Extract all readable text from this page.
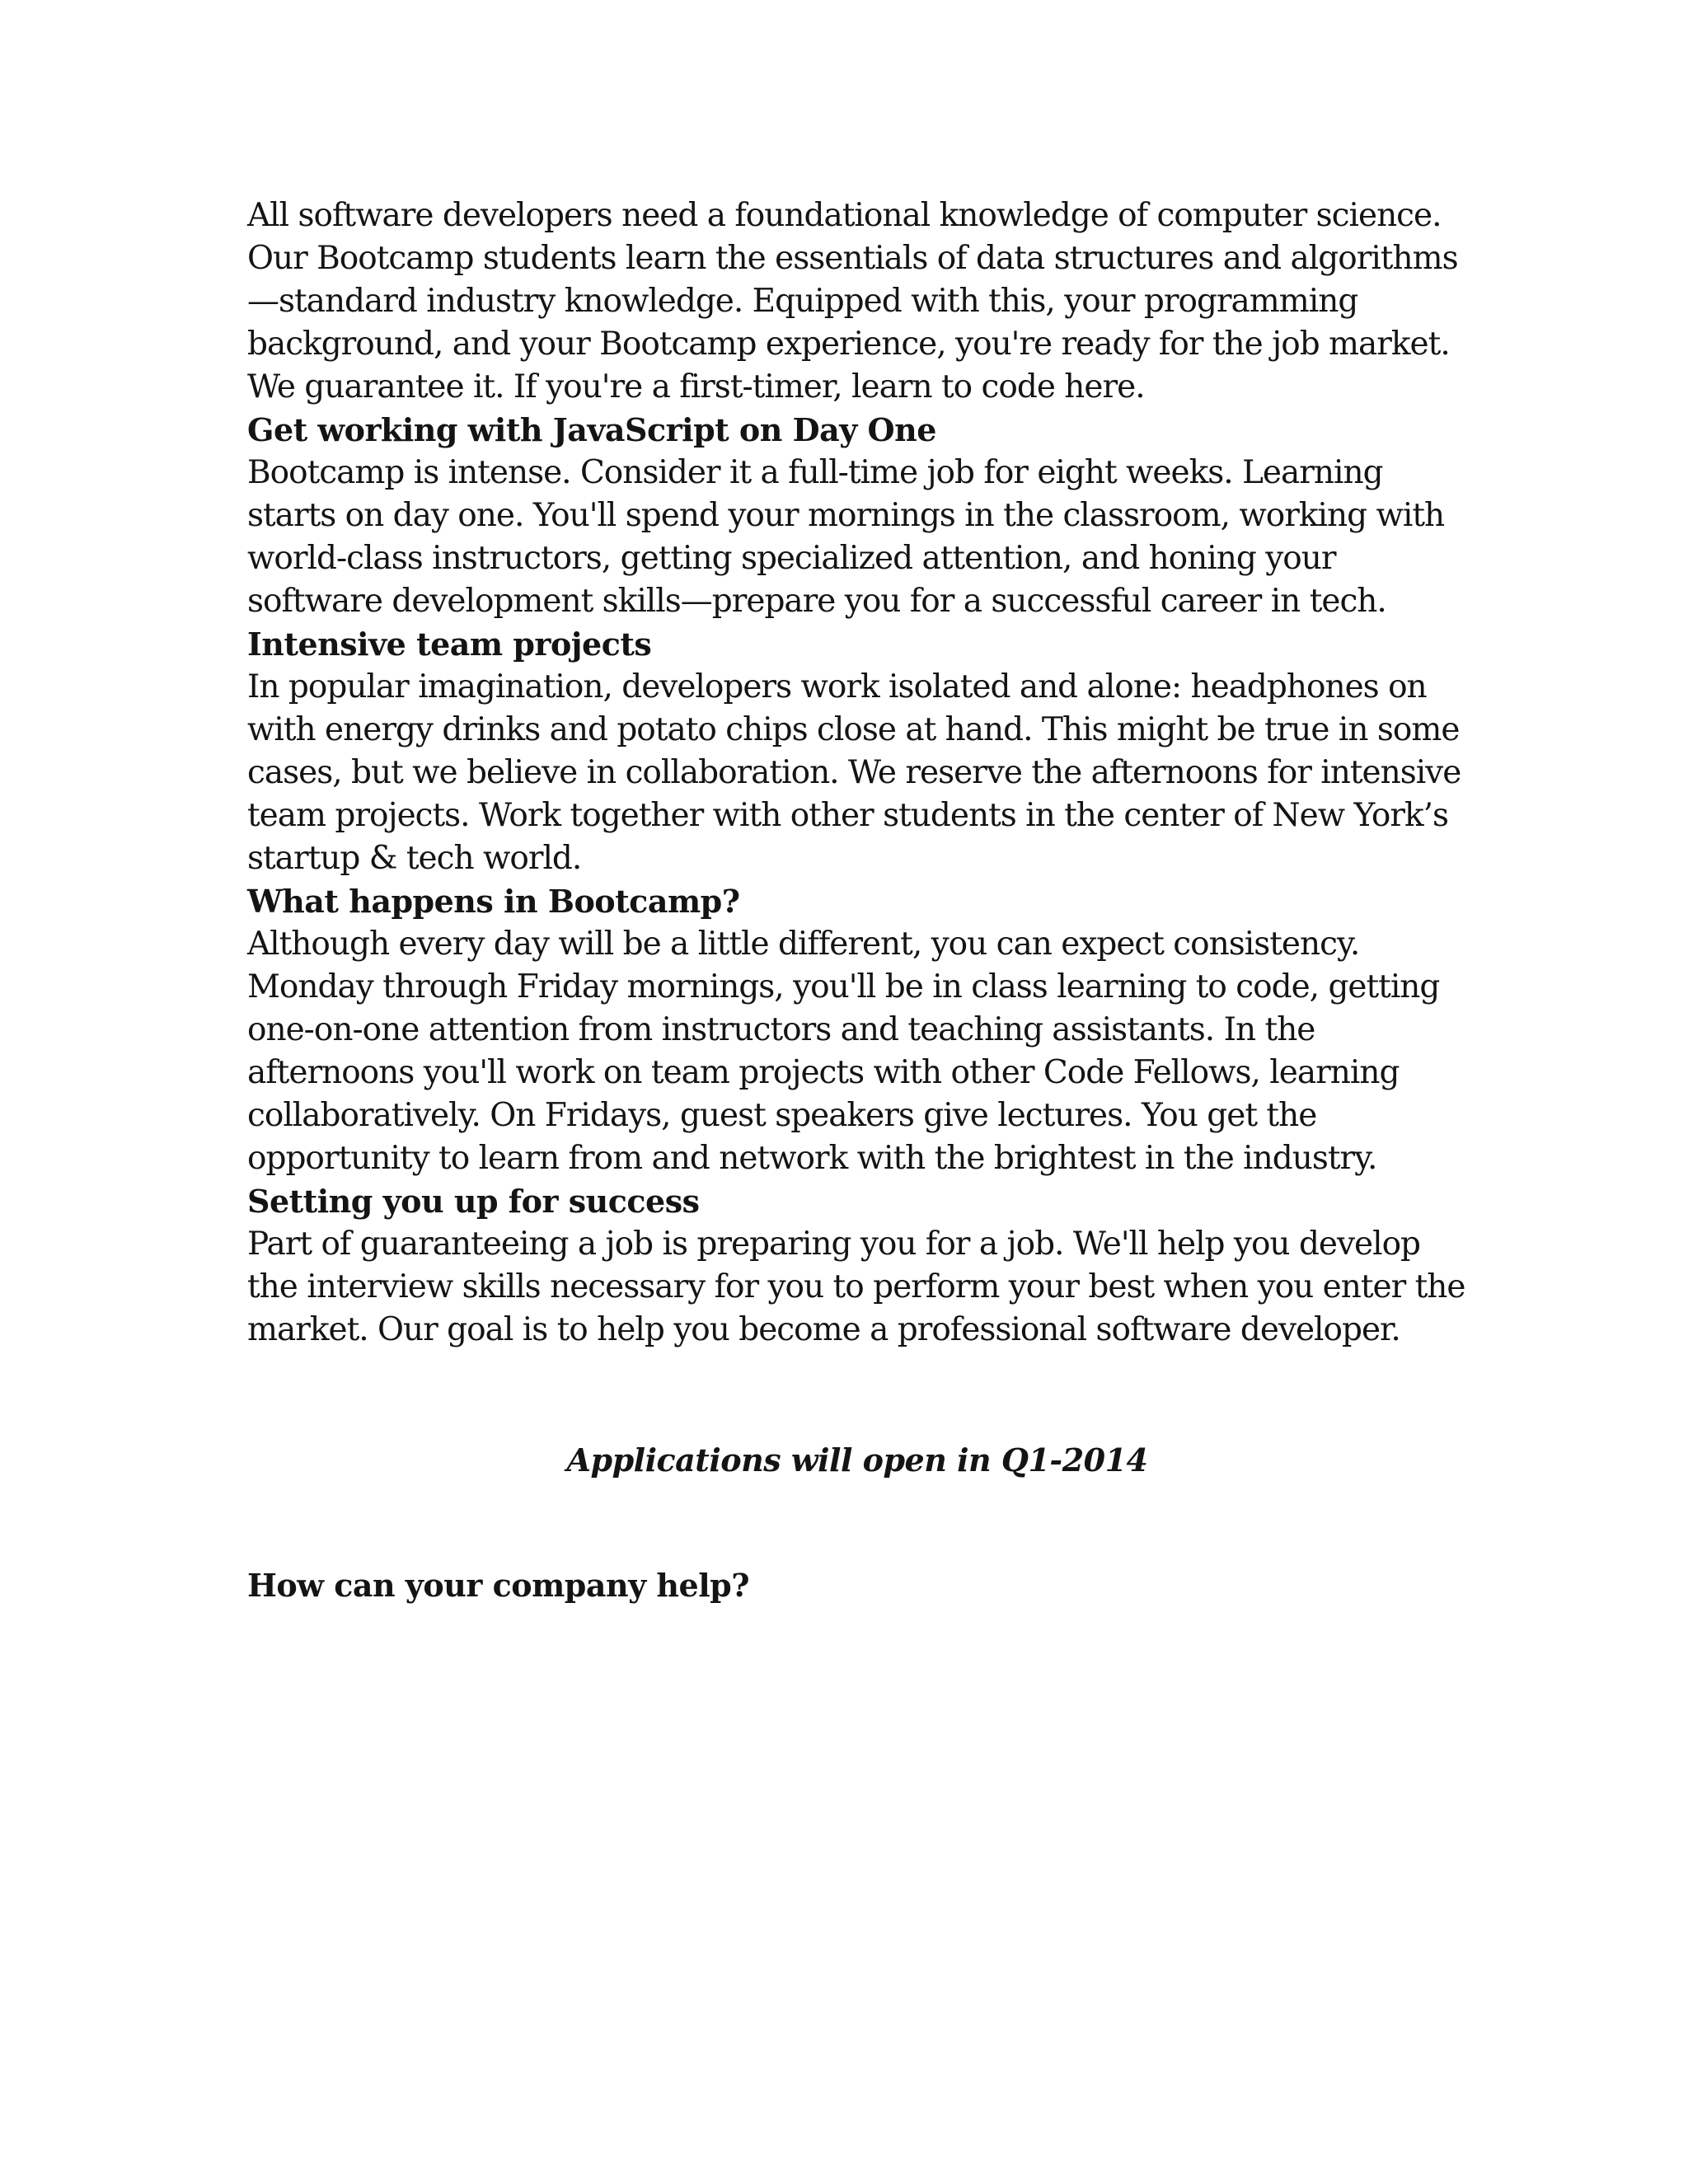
All software developers need a foundational knowledge of computer science. Our Bootcamp students learn the essentials of data structures and algorithms—standard industry knowledge. Equipped with this, your programming background, and your Bootcamp experience, you're ready for the job market. We guarantee it. If you're a first-timer, learn to code here.

Get working with JavaScript on Day One

Bootcamp is intense. Consider it a full-time job for eight weeks. Learning starts on day one. You'll spend your mornings in the classroom, working with world-class instructors, getting specialized attention, and honing your software development skills—prepare you for a successful career in tech.

Intensive team projects

In popular imagination, developers work isolated and alone: headphones on with energy drinks and potato chips close at hand. This might be true in some cases, but we believe in collaboration. We reserve the afternoons for intensive team projects. Work together with other students in the center of New York’s startup & tech world.

What happens in Bootcamp?

Although every day will be a little different, you can expect consistency. Monday through Friday mornings, you'll be in class learning to code, getting one-on-one attention from instructors and teaching assistants. In the afternoons you'll work on team projects with other Code Fellows, learning collaboratively. On Fridays, guest speakers give lectures. You get the opportunity to learn from and network with the brightest in the industry.

Setting you up for success

Part of guaranteeing a job is preparing you for a job. We'll help you develop the interview skills necessary for you to perform your best when you enter the market. Our goal is to help you become a professional software developer.

Applications will open in Q1-2014

How can your company help?
